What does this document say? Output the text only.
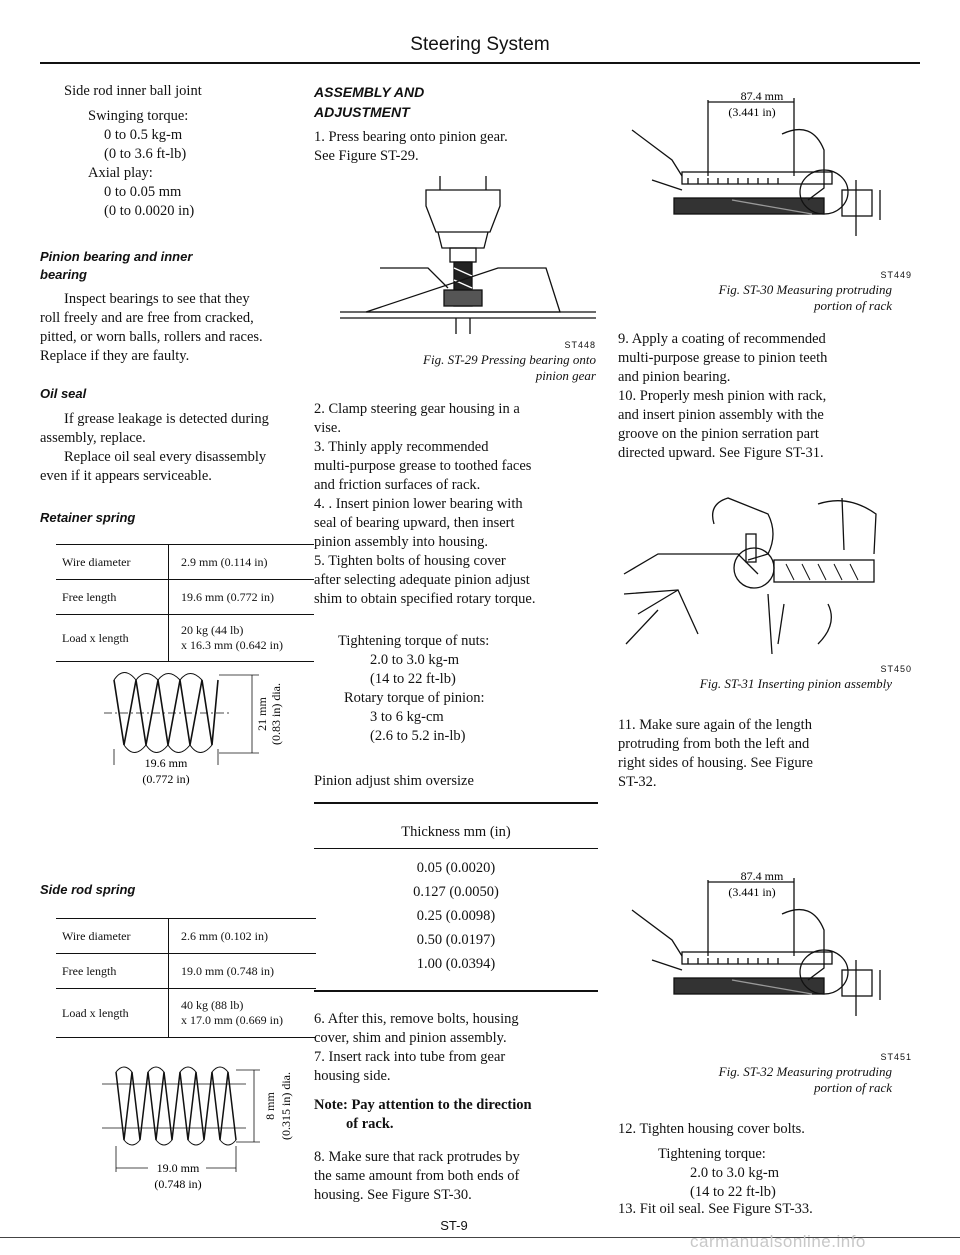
Steering System
Side rod inner ball joint
Swinging torque:
0 to 0.5 kg-m
(0 to 3.6 ft-lb)
Axial play:
0 to 0.05 mm
(0 to 0.0020 in)
Pinion bearing and inner
bearing
Inspect bearings to see that they
roll freely and are free from cracked,
pitted, or worn balls, rollers and races.
Replace if they are faulty.
Oil seal
If grease leakage is detected during
assembly, replace.
Replace oil seal every disassembly
even if it appears serviceable.
Retainer spring
Wire diameter	2.9 mm (0.114 in)
Free length	19.6 mm (0.772 in)
Load x length	20 kg (44 lb)
x 16.3 mm (0.642 in)
21 mm (0.83 in) dia.
19.6 mm
(0.772 in)
Side rod spring
Wire diameter	2.6 mm (0.102 in)
Free length	19.0 mm (0.748 in)
Load x length	40 kg (88 lb)
x 17.0 mm (0.669 in)
8 mm (0.315 in) dia.
19.0 mm
(0.748 in)
ASSEMBLY AND
ADJUSTMENT
1. Press bearing onto pinion gear.
See Figure ST-29.
ST448
Fig. ST-29 Pressing bearing onto
pinion gear
2. Clamp steering gear housing in a
vise.
3. Thinly apply recommended
multi-purpose grease to toothed faces
and friction surfaces of rack.
4. . Insert pinion lower bearing with
seal of bearing upward, then insert
pinion assembly into housing.
5. Tighten bolts of housing cover
after selecting adequate pinion adjust
shim to obtain specified rotary torque.
Tightening torque of nuts:
2.0 to 3.0 kg-m
(14 to 22 ft-lb)
Rotary torque of pinion:
3 to 6 kg-cm
(2.6 to 5.2 in-lb)
Pinion adjust shim oversize
Thickness mm (in)
0.05 (0.0020)
0.127 (0.0050)
0.25 (0.0098)
0.50 (0.0197)
1.00 (0.0394)
6. After this, remove bolts, housing
cover, shim and pinion assembly.
7. Insert rack into tube from gear
housing side.
Note: Pay attention to the direction
of rack.
8. Make sure that rack protrudes by
the same amount from both ends of
housing. See Figure ST-30.
ST-9
87.4 mm
(3.441 in)
ST449
Fig. ST-30 Measuring protruding
portion of rack
9. Apply a coating of recommended
multi-purpose grease to pinion teeth
and pinion bearing.
10. Properly mesh pinion with rack,
and insert pinion assembly with the
groove on the pinion serration part
directed upward. See Figure ST-31.
ST450
Fig. ST-31 Inserting pinion assembly
11. Make sure again of the length
protruding from both the left and
right sides of housing. See Figure
ST-32.
87.4 mm
(3.441 in)
ST451
Fig. ST-32 Measuring protruding
portion of rack
12. Tighten housing cover bolts.
Tightening torque:
2.0 to 3.0 kg-m
(14 to 22 ft-lb)
13. Fit oil seal. See Figure ST-33.
carmanualsonline.info
